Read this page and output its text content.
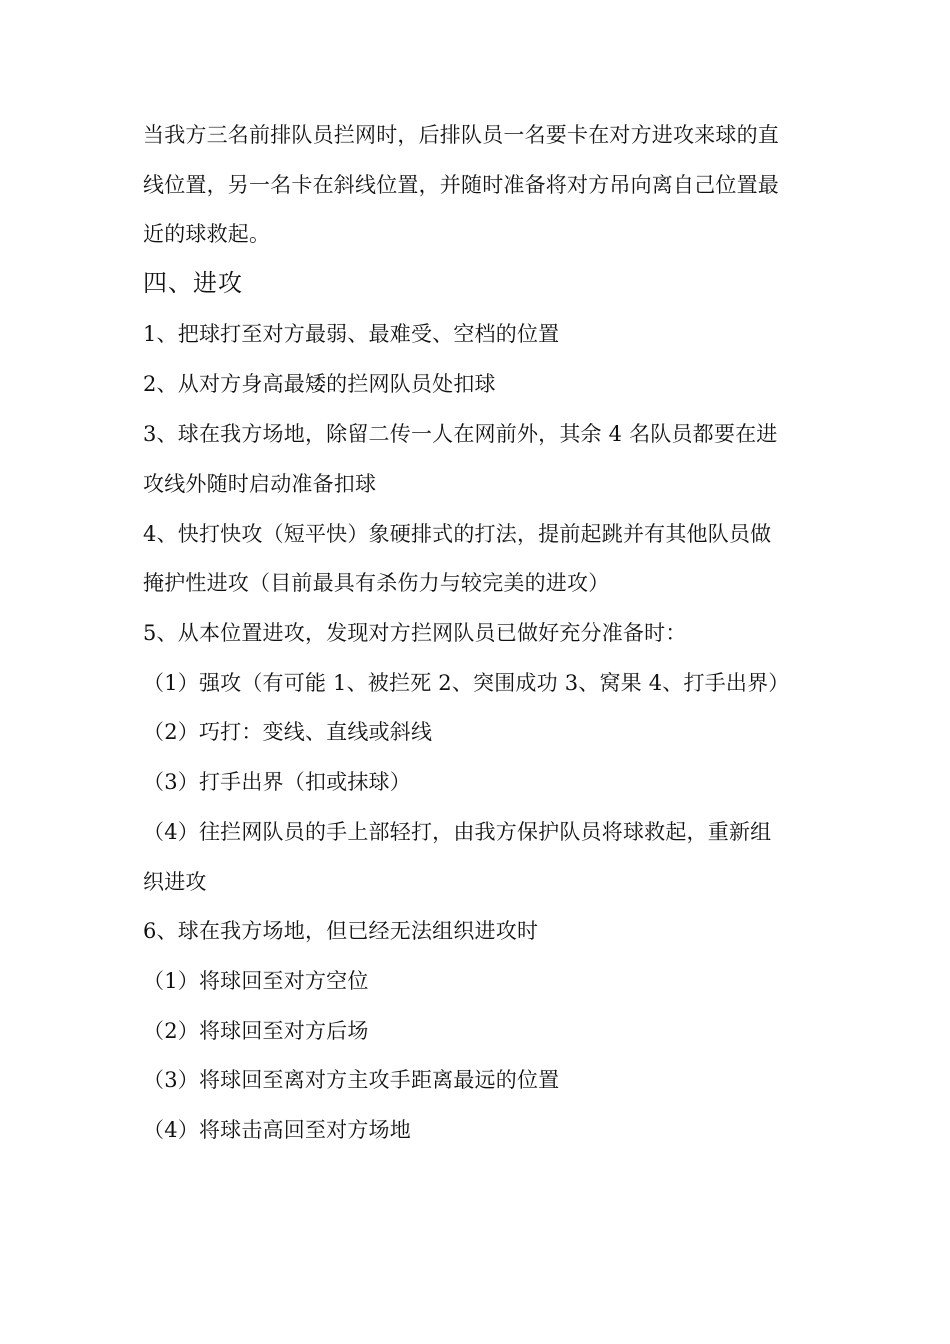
当我方三名前排队员拦网时，后排队员一名要卡在对方进攻来球的直
线位置，另一名卡在斜线位置，并随时准备将对方吊向离自己位置最
近的球救起。
四、进攻
1、把球打至对方最弱、最难受、空档的位置
2、从对方身高最矮的拦网队员处扣球
3、球在我方场地，除留二传一人在网前外，其余 4 名队员都要在进
攻线外随时启动准备扣球
4、快打快攻（短平快）象硬排式的打法，提前起跳并有其他队员做
掩护性进攻（目前最具有杀伤力与较完美的进攻）
5、从本位置进攻，发现对方拦网队员已做好充分准备时：
（1）强攻（有可能 1、被拦死 2、突围成功 3、窝果 4、打手出界）
（2）巧打：变线、直线或斜线
（3）打手出界（扣或抹球）
（4）往拦网队员的手上部轻打，由我方保护队员将球救起，重新组
织进攻
6、球在我方场地，但已经无法组织进攻时
（1）将球回至对方空位
（2）将球回至对方后场
（3）将球回至离对方主攻手距离最远的位置
（4）将球击高回至对方场地
